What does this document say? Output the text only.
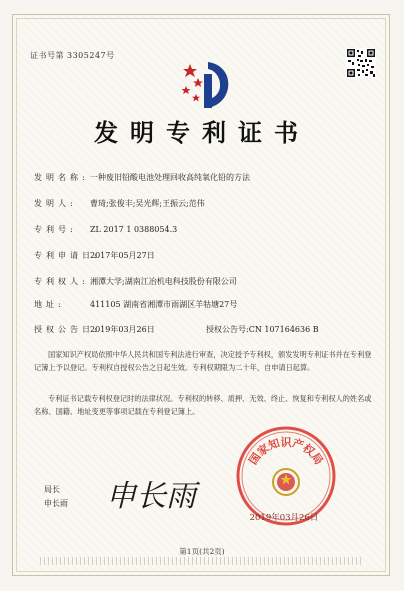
证书号第 3305247号
发明专利证书
发明名称:一种废旧铅酸电池处理回收高纯氧化铅的方法
发明人: 曹琦;张俊丰;吴光辉;王振云;范伟
专利号: ZL 2017 1 0388054.3
专利申请日:2017年05月27日
专利权人:湘潭大学;湖南江冶机电科技股份有限公司
地址:	411105 湖南省湘潭市雨湖区羊牯塘27号
授权公告日:2019年03月26日	授权公告号:CN 107164636 B
国家知识产权局依照中华人民共和国专利法进行审查，决定授予专利权，颁发发明专利证书并在专利登记簿上予以登记。专利权自授权公告之日起生效。专利权期限为二十年，自申请日起算。
专利证书记载专利权登记时的法律状况。专利权的转移、质押、无效、终止、恢复和专利权人的姓名或名称、国籍、地址变更等事项记载在专利登记簿上。
局长
申长雨 申长雨
国家知识产权局
2019年03月26日
第1页(共2页)
